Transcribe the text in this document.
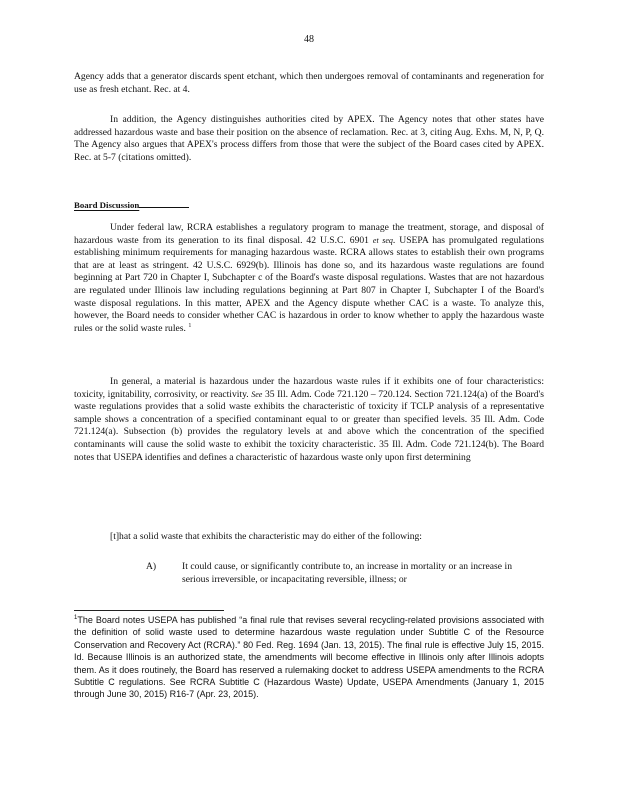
48

Agency adds that a generator discards spent etchant, which then undergoes removal of contaminants and regeneration for use as fresh etchant. Rec. at 4.

In addition, the Agency distinguishes authorities cited by APEX. The Agency notes that other states have addressed hazardous waste and base their position on the absence of reclamation. Rec. at 3, citing Aug. Exhs. M, N, P, Q. The Agency also argues that APEX's process differs from those that were the subject of the Board cases cited by APEX. Rec. at 5-7 (citations omitted).

Board Discussion

Under federal law, RCRA establishes a regulatory program to manage the treatment, storage, and disposal of hazardous waste from its generation to its final disposal. 42 U.S.C. 6901 et seq. USEPA has promulgated regulations establishing minimum requirements for managing hazardous waste. RCRA allows states to establish their own programs that are at least as stringent. 42 U.S.C. 6929(b). Illinois has done so, and its hazardous waste regulations are found beginning at Part 720 in Chapter I, Subchapter c of the Board's waste disposal regulations. Wastes that are not hazardous are regulated under Illinois law including regulations beginning at Part 807 in Chapter I, Subchapter I of the Board's waste disposal regulations. In this matter, APEX and the Agency dispute whether CAC is a waste. To analyze this, however, the Board needs to consider whether CAC is hazardous in order to know whether to apply the hazardous waste rules or the solid waste rules. $^1$

In general, a material is hazardous under the hazardous waste rules if it exhibits one of four characteristics: toxicity, ignitability, corrosivity, or reactivity. See 35 Ill. Adm. Code 721.120 – 720.124. Section 721.124(a) of the Board's waste regulations provides that a solid waste exhibits the characteristic of toxicity if TCLP analysis of a representative sample shows a concentration of a specified contaminant equal to or greater than specified levels. 35 Ill. Adm. Code 721.124(a). Subsection (b) provides the regulatory levels at and above which the concentration of the specified contaminants will cause the solid waste to exhibit the toxicity characteristic. 35 Ill. Adm. Code 721.124(b). The Board notes that USEPA identifies and defines a characteristic of hazardous waste only upon first determining

[t]hat a solid waste that exhibits the characteristic may do either of the following:

A)	It could cause, or significantly contribute to, an increase in mortality or an increase in serious irreversible, or incapacitating reversible, illness; or

$^1$The Board notes USEPA has published “a final rule that revises several recycling-related provisions associated with the definition of solid waste used to determine hazardous waste regulation under Subtitle C of the Resource Conservation and Recovery Act (RCRA).” 80 Fed. Reg. 1694 (Jan. 13, 2015). The final rule is effective July 15, 2015. Id. Because Illinois is an authorized state, the amendments will become effective in Illinois only after Illinois adopts them. As it does routinely, the Board has reserved a rulemaking docket to address USEPA amendments to the RCRA Subtitle C regulations. See RCRA Subtitle C (Hazardous Waste) Update, USEPA Amendments (January 1, 2015 through June 30, 2015) R16-7 (Apr. 23, 2015).
